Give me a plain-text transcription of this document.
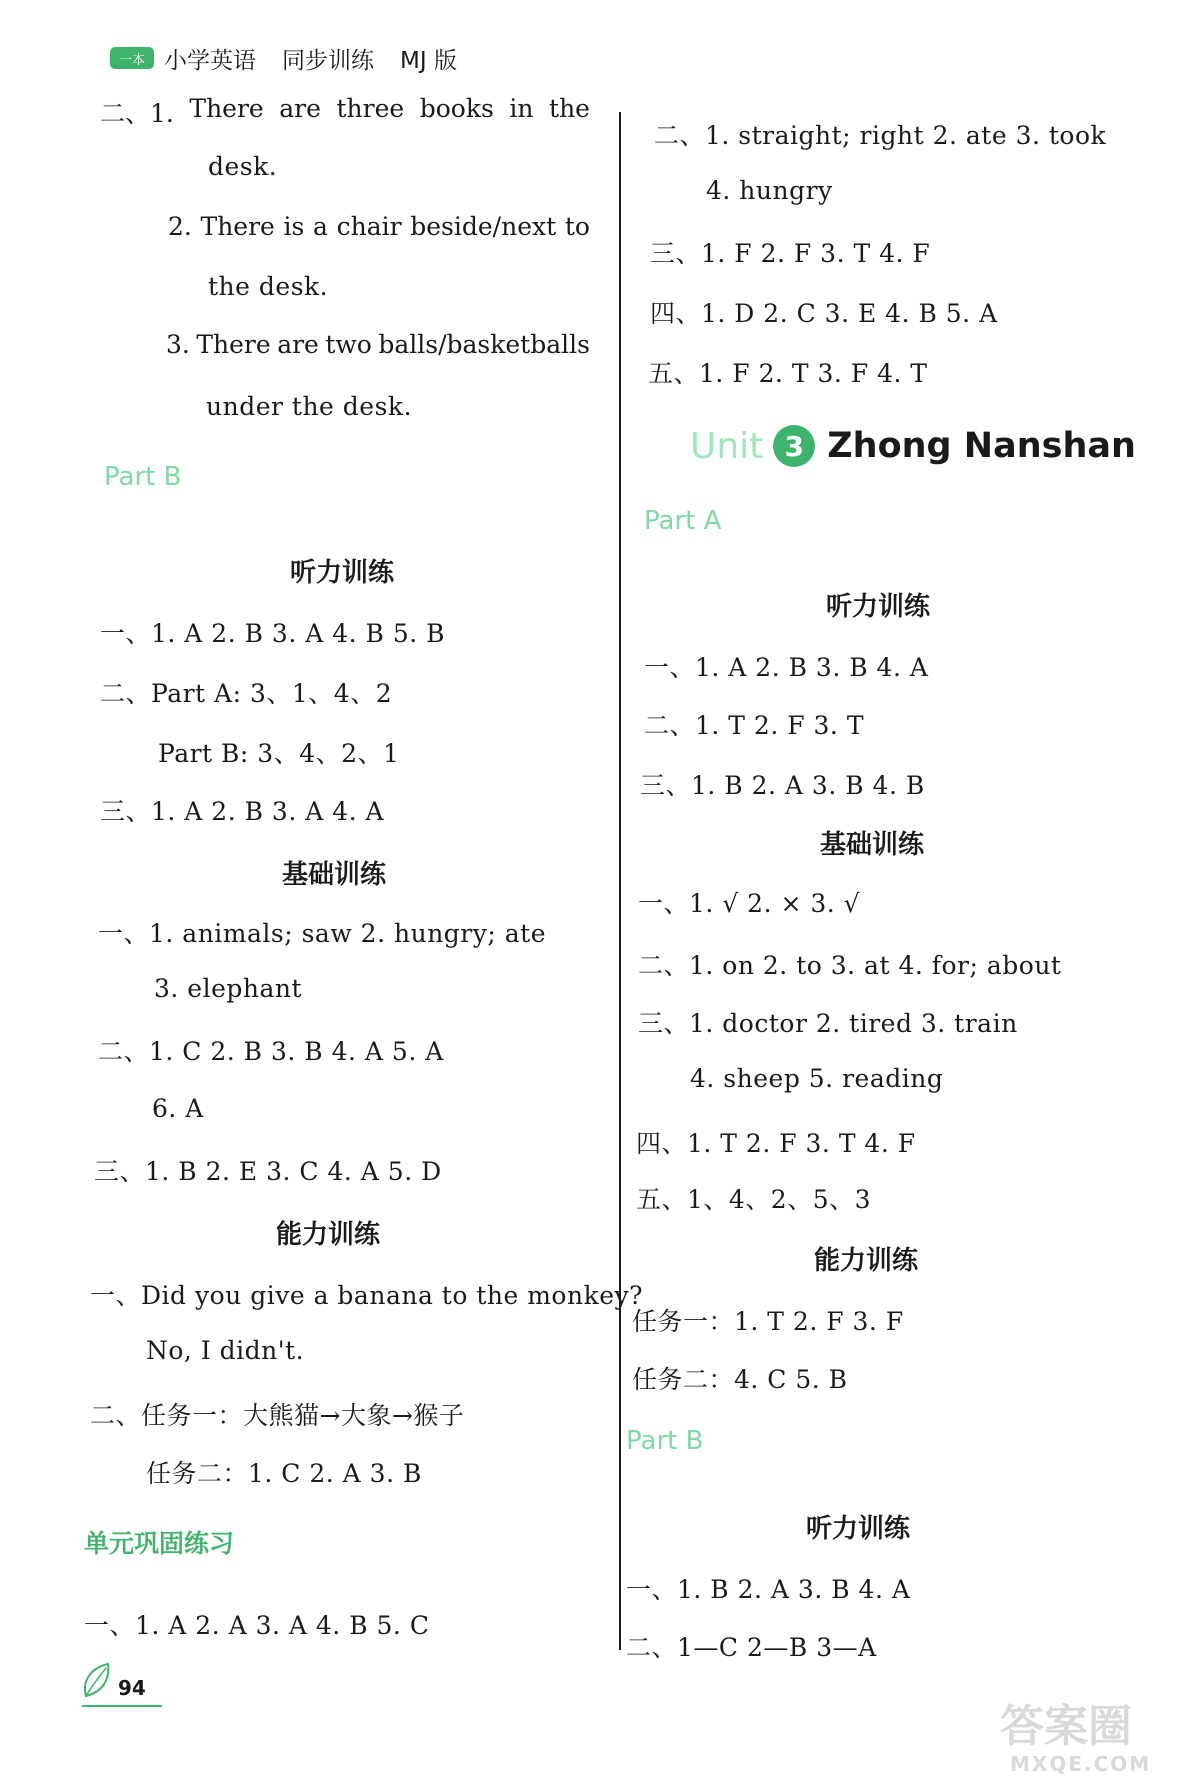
一本 小学英语 同步训练 MJ 版
二、1. There are three books in the
desk.
2. There is a chair beside/next to
the desk.
3. There are two balls/basketballs
under the desk.
Part B
听力训练
一、1. A 2. B 3. A 4. B 5. B
二、Part A: 3、1、4、2
Part B: 3、4、2、1
三、1. A 2. B 3. A 4. A
基础训练
一、1. animals; saw 2. hungry; ate
3. elephant
二、1. C 2. B 3. B 4. A 5. A
6. A
三、1. B 2. E 3. C 4. A 5. D
能力训练
一、Did you give a banana to the monkey?
No, I didn't.
二、任务一：大熊猫→大象→猴子
任务二：1. C 2. A 3. B
单元巩固练习
一、1. A 2. A 3. A 4. B 5. C
二、1. straight; right 2. ate 3. took
4. hungry
三、1. F 2. F 3. T 4. F
四、1. D 2. C 3. E 4. B 5. A
五、1. F 2. T 3. F 4. T
Unit 3 Zhong Nanshan
Part A
听力训练
一、1. A 2. B 3. B 4. A
二、1. T 2. F 3. T
三、1. B 2. A 3. B 4. B
基础训练
一、1. √ 2. × 3. √
二、1. on 2. to 3. at 4. for; about
三、1. doctor 2. tired 3. train
4. sheep 5. reading
四、1. T 2. F 3. T 4. F
五、1、4、2、5、3
能力训练
任务一：1. T 2. F 3. F
任务二：4. C 5. B
Part B
听力训练
一、1. B 2. A 3. B 4. A
二、1—C 2—B 3—A
94
答案圈
MXQE.COM
